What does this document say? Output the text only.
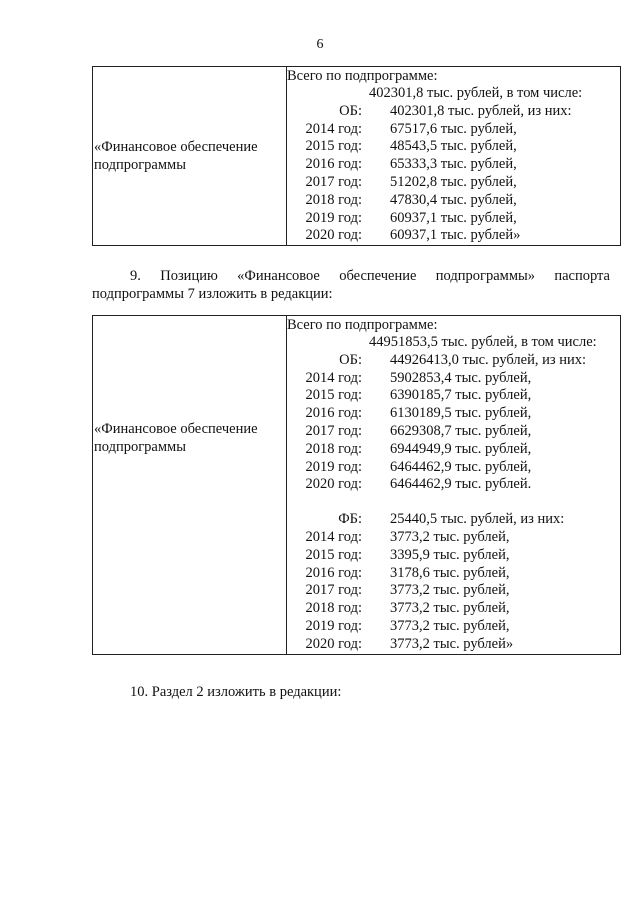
6
«Финансовое обеспечение подпрограммы

Всего по подпрограмме:
402301,8 тыс. рублей, в том числе:
ОБ: 402301,8 тыс. рублей, из них:
2014 год: 67517,6 тыс. рублей,
2015 год: 48543,5 тыс. рублей,
2016 год: 65333,3 тыс. рублей,
2017 год: 51202,8 тыс. рублей,
2018 год: 47830,4 тыс. рублей,
2019 год: 60937,1 тыс. рублей,
2020 год: 60937,1 тыс. рублей»

9. Позицию «Финансовое обеспечение подпрограммы» паспорта подпрограммы 7 изложить в редакции:

«Финансовое обеспечение подпрограммы

Всего по подпрограмме:
44951853,5 тыс. рублей, в том числе:
ОБ: 44926413,0 тыс. рублей, из них:
2014 год: 5902853,4 тыс. рублей,
2015 год: 6390185,7 тыс. рублей,
2016 год: 6130189,5 тыс. рублей,
2017 год: 6629308,7 тыс. рублей,
2018 год: 6944949,9 тыс. рублей,
2019 год: 6464462,9 тыс. рублей,
2020 год: 6464462,9 тыс. рублей.
ФБ: 25440,5 тыс. рублей, из них:
2014 год: 3773,2 тыс. рублей,
2015 год: 3395,9 тыс. рублей,
2016 год: 3178,6 тыс. рублей,
2017 год: 3773,2 тыс. рублей,
2018 год: 3773,2 тыс. рублей,
2019 год: 3773,2 тыс. рублей,
2020 год: 3773,2 тыс. рублей»

10. Раздел 2 изложить в редакции:
